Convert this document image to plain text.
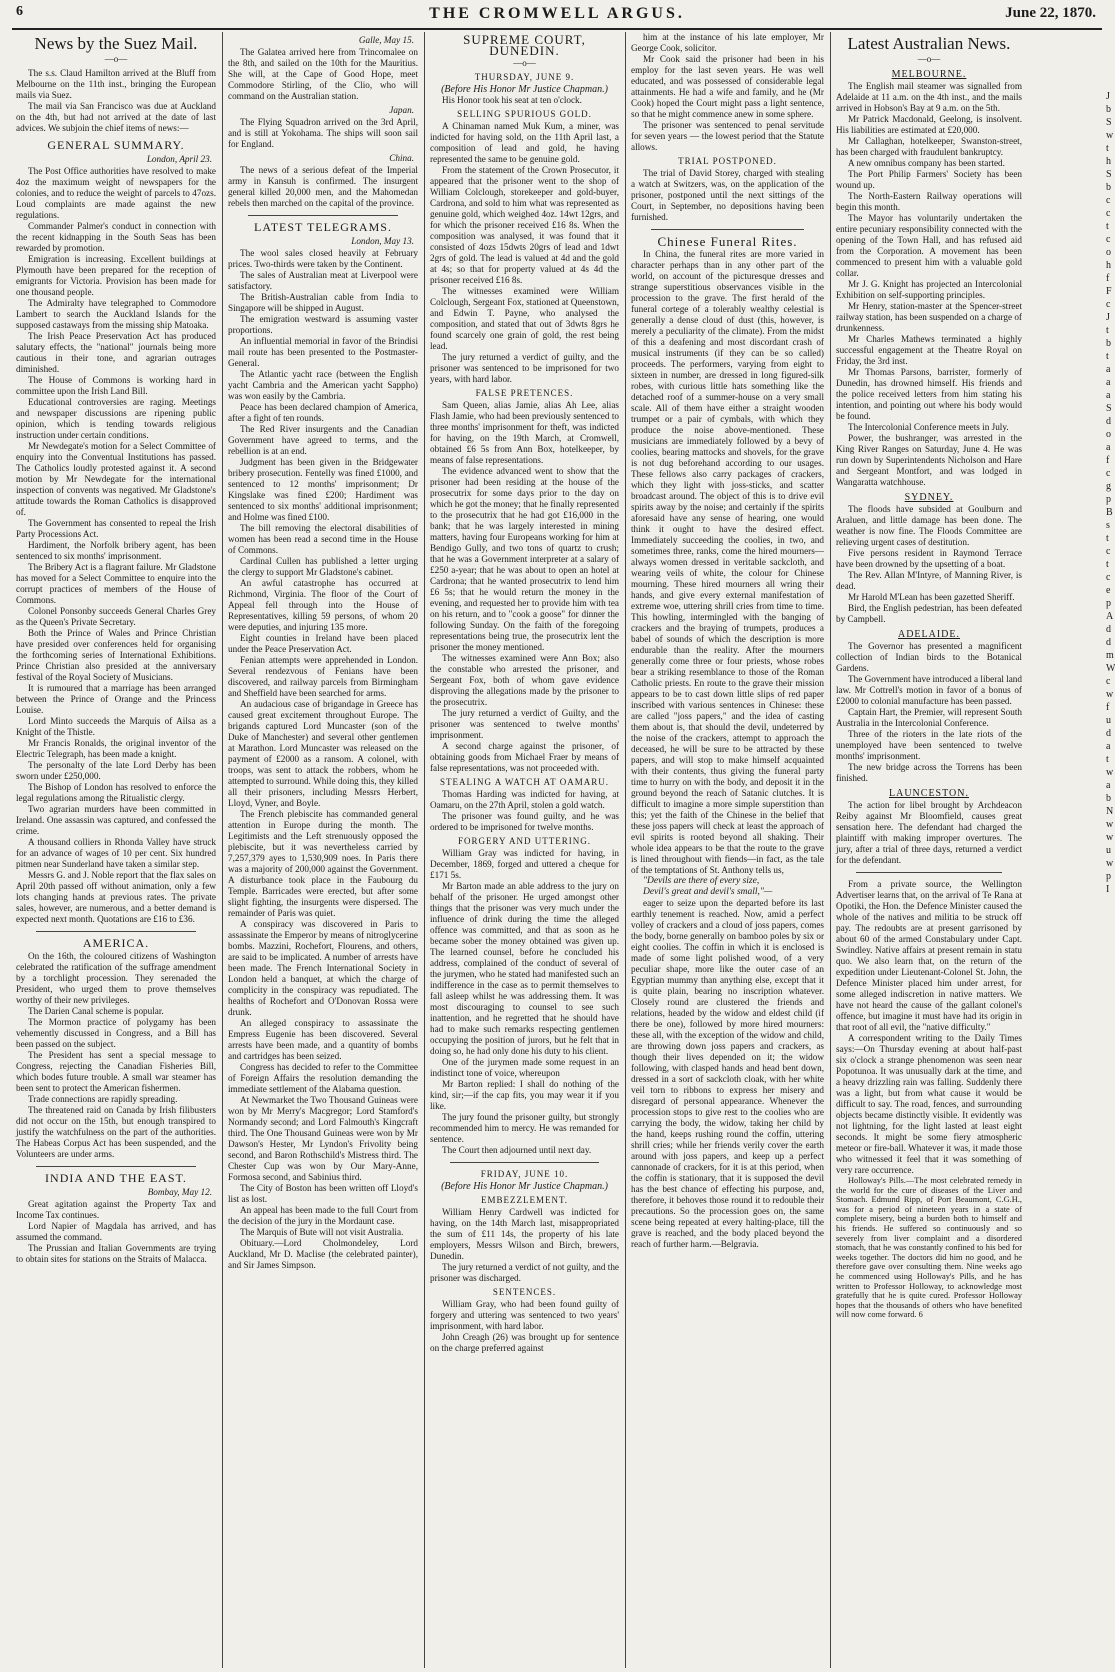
6	THE CROMWELL ARGUS.	June 22, 1870.
News by the Suez Mail.
—o—

The s.s. Claud Hamilton arrived at the Bluff from Melbourne on the 11th inst., bringing the European mails via Suez.

The mail via San Francisco was due at Auckland on the 4th, but had not arrived at the date of last advices. We subjoin the chief items of news:—

GENERAL SUMMARY.
London, April 23.

The Post Office authorities have resolved to make 4oz the maximum weight of newspapers for the colonies, and to reduce the weight of parcels to 47ozs. Loud complaints are made against the new regulations.

Commander Palmer's conduct in connection with the recent kidnapping in the South Seas has been rewarded by promotion.

Emigration is increasing. Excellent buildings at Plymouth have been prepared for the reception of emigrants for Victoria. Provision has been made for one thousand people.

The Admiralty have telegraphed to Commodore Lambert to search the Auckland Islands for the supposed castaways from the missing ship Matoaka.

The Irish Peace Preservation Act has produced salutary effects, the "national" journals being more cautious in their tone, and agrarian outrages diminished.

The House of Commons is working hard in committee upon the Irish Land Bill.

Educational controversies are raging. Meetings and newspaper discussions are ripening public opinion, which is tending towards religious instruction under certain conditions.

Mr Newdegate's motion for a Select Committee of enquiry into the Conventual Institutions has passed. The Catholics loudly protested against it. A second motion by Mr Newdegate for the international inspection of convents was negatived. Mr Gladstone's attitude towards the Roman Catholics is disapproved of.

The Government has consented to repeal the Irish Party Processions Act.

Hardiment, the Norfolk bribery agent, has been sentenced to six months' imprisonment.

The Bribery Act is a flagrant failure. Mr Gladstone has moved for a Select Committee to enquire into the corrupt practices of members of the House of Commons.

Colonel Ponsonby succeeds General Charles Grey as the Queen's Private Secretary.

Both the Prince of Wales and Prince Christian have presided over conferences held for organising the forthcoming series of International Exhibitions. Prince Christian also presided at the anniversary festival of the Royal Society of Musicians.

It is rumoured that a marriage has been arranged between the Prince of Orange and the Princess Louise.

Lord Minto succeeds the Marquis of Ailsa as a Knight of the Thistle.

Mr Francis Ronalds, the original inventor of the Electric Telegraph, has been made a knight.

The personalty of the late Lord Derby has been sworn under £250,000.

The Bishop of London has resolved to enforce the legal regulations among the Ritualistic clergy.

Two agrarian murders have been committed in Ireland. One assassin was captured, and confessed the crime.

A thousand colliers in Rhonda Valley have struck for an advance of wages of 10 per cent. Six hundred pitmen near Sunderland have taken a similar step.

Messrs G. and J. Noble report that the flax sales on April 20th passed off without animation, only a few lots changing hands at previous rates. The private sales, however, are numerous, and a better demand is expected next month. Quotations are £16 to £36.

AMERICA.

On the 16th, the coloured citizens of Washington celebrated the ratification of the suffrage amendment by a torchlight procession. They serenaded the President, who urged them to prove themselves worthy of their new privileges.

The Darien Canal scheme is popular.

The Mormon practice of polygamy has been vehemently discussed in Congress, and a Bill has been passed on the subject.

The President has sent a special message to Congress, rejecting the Canadian Fisheries Bill, which bodes future trouble. A small war steamer has been sent to protect the American fishermen.

Trade connections are rapidly spreading.

The threatened raid on Canada by Irish filibusters did not occur on the 15th, but enough transpired to justify the watchfulness on the part of the authorities. The Habeas Corpus Act has been suspended, and the Volunteers are under arms.

INDIA AND THE EAST.
Bombay, May 12.

Great agitation against the Property Tax and Income Tax continues.

Lord Napier of Magdala has arrived, and has assumed the command.

The Prussian and Italian Governments are trying to obtain sites for stations on the Straits of Malacca.

Galle, May 15.

The Galatea arrived here from Trincomalee on the 8th, and sailed on the 10th for the Mauritius. She will, at the Cape of Good Hope, meet Commodore Stirling, of the Clio, who will command on the Australian station.

Japan.

The Flying Squadron arrived on the 3rd April, and is still at Yokohama. The ships will soon sail for England.

China.

The news of a serious defeat of the Imperial army in Kansuh is confirmed. The insurgent general killed 20,000 men, and the Mahomedan rebels then marched on the capital of the province.

LATEST TELEGRAMS.
London, May 13.

The wool sales closed heavily at February prices. Two-thirds were taken by the Continent.

The sales of Australian meat at Liverpool were satisfactory.

The British-Australian cable from India to Singapore will be shipped in August.

The emigration westward is assuming vaster proportions.

An influential memorial in favor of the Brindisi mail route has been presented to the Postmaster-General.

The Atlantic yacht race (between the English yacht Cambria and the American yacht Sappho) was won easily by the Cambria.

Peace has been declared champion of America, after a fight of ten rounds.

The Red River insurgents and the Canadian Government have agreed to terms, and the rebellion is at an end.

Judgment has been given in the Bridgewater bribery prosecution. Fentelly was fined £1000, and sentenced to 12 months' imprisonment; Dr Kingslake was fined £200; Hardiment was sentenced to six months' additional imprisonment; and Holme was fined £100.

The bill removing the electoral disabilities of women has been read a second time in the House of Commons.

Cardinal Cullen has published a letter urging the clergy to support Mr Gladstone's cabinet.

An awful catastrophe has occurred at Richmond, Virginia. The floor of the Court of Appeal fell through into the House of Representatives, killing 59 persons, of whom 20 were deputies, and injuring 135 more.

Eight counties in Ireland have been placed under the Peace Preservation Act.

Fenian attempts were apprehended in London. Several rendezvous of Fenians have been discovered, and railway parcels from Birmingham and Sheffield have been searched for arms.

An audacious case of brigandage in Greece has caused great excitement throughout Europe. The brigands captured Lord Muncaster (son of the Duke of Manchester) and several other gentlemen at Marathon. Lord Muncaster was released on the payment of £2000 as a ransom. A colonel, with troops, was sent to attack the robbers, whom he attempted to surround. While doing this, they killed all their prisoners, including Messrs Herbert, Lloyd, Vyner, and Boyle.

The French plebiscite has commanded general attention in Europe during the month. The Legitimists and the Left strenuously opposed the plebiscite, but it was nevertheless carried by 7,257,379 ayes to 1,530,909 noes. In Paris there was a majority of 200,000 against the Government. A disturbance took place in the Faubourg du Temple. Barricades were erected, but after some slight fighting, the insurgents were dispersed. The remainder of Paris was quiet.

A conspiracy was discovered in Paris to assassinate the Emperor by means of nitroglycerine bombs. Mazzini, Rochefort, Flourens, and others, are said to be implicated. A number of arrests have been made. The French International Society in London held a banquet, at which the charge of complicity in the conspiracy was repudiated. The healths of Rochefort and O'Donovan Rossa were drunk.

An alleged conspiracy to assassinate the Empress Eugenie has been discovered. Several arrests have been made, and a quantity of bombs and cartridges has been seized.

Congress has decided to refer to the Committee of Foreign Affairs the resolution demanding the immediate settlement of the Alabama question.

At Newmarket the Two Thousand Guineas were won by Mr Merry's Macgregor; Lord Stamford's Normandy second; and Lord Falmouth's Kingcraft third. The One Thousand Guineas were won by Mr Dawson's Hester, Mr Lyndon's Frivolity being second, and Baron Rothschild's Mistress third. The Chester Cup was won by Our Mary-Anne, Formosa second, and Sabinius third.

The City of Boston has been written off Lloyd's list as lost.

An appeal has been made to the full Court from the decision of the jury in the Mordaunt case.

The Marquis of Bute will not visit Australia.

Obituary.—Lord Cholmondeley, Lord Auckland, Mr D. Maclise (the celebrated painter), and Sir James Simpson.

SUPREME COURT, DUNEDIN.
—o—
THURSDAY, JUNE 9.
(Before His Honor Mr Justice Chapman.)

His Honor took his seat at ten o'clock.

SELLING SPURIOUS GOLD.

A Chinaman named Muk Kum, a miner, was indicted for having sold, on the 11th April last, a composition of lead and gold, he having represented the same to be genuine gold.

From the statement of the Crown Prosecutor, it appeared that the prisoner went to the shop of William Colclough, storekeeper and gold-buyer, Cardrona, and sold to him what was represented as genuine gold, which weighed 4oz. 14wt 12grs, and for which the prisoner received £16 8s. When the composition was analysed, it was found that it consisted of 4ozs 15dwts 20grs of lead and 1dwt 2grs of gold. The lead is valued at 4d and the gold at 4s; so that for property valued at 4s 4d the prisoner received £16 8s.

The witnesses examined were William Colclough, Sergeant Fox, stationed at Queenstown, and Edwin T. Payne, who analysed the composition, and stated that out of 3dwts 8grs he found scarcely one grain of gold, the rest being lead.

The jury returned a verdict of guilty, and the prisoner was sentenced to be imprisoned for two years, with hard labor.

FALSE PRETENCES.

Sam Queen, alias Jamie, alias Ah Lee, alias Flash Jamie, who had been previously sentenced to three months' imprisonment for theft, was indicted for having, on the 19th March, at Cromwell, obtained £6 5s from Ann Box, hotelkeeper, by means of false representations.

The evidence advanced went to show that the prisoner had been residing at the house of the prosecutrix for some days prior to the day on which he got the money; that he finally represented to the prosecutrix that he had got £16,000 in the bank; that he was largely interested in mining matters, having four Europeans working for him at Bendigo Gully, and two tons of quartz to crush; that he was a Government interpreter at a salary of £250 a-year; that he was about to open an hotel at Cardrona; that he wanted prosecutrix to lend him £6 5s; that he would return the money in the evening, and requested her to provide him with tea on his return, and to "cook a goose" for dinner the following Sunday. On the faith of the foregoing representations being true, the prosecutrix lent the prisoner the money mentioned.

The witnesses examined were Ann Box; also the constable who arrested the prisoner, and Sergeant Fox, both of whom gave evidence disproving the allegations made by the prisoner to the prosecutrix.

The jury returned a verdict of Guilty, and the prisoner was sentenced to twelve months' imprisonment.

A second charge against the prisoner, of obtaining goods from Michael Fraer by means of false representations, was not proceeded with.

STEALING A WATCH AT OAMARU.

Thomas Harding was indicted for having, at Oamaru, on the 27th April, stolen a gold watch.

The prisoner was found guilty, and he was ordered to be imprisoned for twelve months.

FORGERY AND UTTERING.

William Gray was indicted for having, in December, 1869, forged and uttered a cheque for £171 5s.

Mr Barton made an able address to the jury on behalf of the prisoner. He urged amongst other things that the prisoner was very much under the influence of drink during the time the alleged offence was committed, and that as soon as he became sober the money obtained was given up. The learned counsel, before he concluded his address, complained of the conduct of several of the jurymen, who he stated had manifested such an indifference in the case as to permit themselves to fall asleep whilst he was addressing them. It was most discouraging to counsel to see such inattention, and he regretted that he should have had to make such remarks respecting gentlemen occupying the position of jurors, but he felt that in doing so, he had only done his duty to his client.

One of the jurymen made some request in an indistinct tone of voice, whereupon

Mr Barton replied: I shall do nothing of the kind, sir;—if the cap fits, you may wear it if you like.

The jury found the prisoner guilty, but strongly recommended him to mercy. He was remanded for sentence.

The Court then adjourned until next day.

FRIDAY, JUNE 10.
(Before His Honor Mr Justice Chapman.)
EMBEZZLEMENT.

William Henry Cardwell was indicted for having, on the 14th March last, misappropriated the sum of £11 14s, the property of his late employers, Messrs Wilson and Birch, brewers, Dunedin.

The jury returned a verdict of not guilty, and the prisoner was discharged.

SENTENCES.

William Gray, who had been found guilty of forgery and uttering was sentenced to two years' imprisonment, with hard labor.

John Creagh (26) was brought up for sentence on the charge preferred against

him at the instance of his late employer, Mr George Cook, solicitor.

Mr Cook said the prisoner had been in his employ for the last seven years. He was well educated, and was possessed of considerable legal attainments. He had a wife and family, and he (Mr Cook) hoped the Court might pass a light sentence, so that he might commence anew in some sphere.

The prisoner was sentenced to penal servitude for seven years — the lowest period that the Statute allows.

TRIAL POSTPONED.

The trial of David Storey, charged with stealing a watch at Switzers, was, on the application of the prisoner, postponed until the next sittings of the Court, in September, no depositions having been furnished.

Chinese Funeral Rites.

In China, the funeral rites are more varied in character perhaps than in any other part of the world, on account of the picturesque dresses and strange superstitious observances visible in the procession to the grave. The first herald of the funeral cortege of a tolerably wealthy celestial is generally a dense cloud of dust (this, however, is merely a peculiarity of the climate). From the midst of this a deafening and most discordant crash of musical instruments (if they can be so called) proceeds. The performers, varying from eight to sixteen in number, are dressed in long figured-silk robes, with curious little hats something like the detached roof of a summer-house on a very small scale. All of them have either a straight wooden trumpet or a pair of cymbals, with which they produce the noise above-mentioned. These musicians are immediately followed by a bevy of coolies, bearing mattocks and shovels, for the grave is not dug beforehand according to our usages. These fellows also carry packages of crackers, which they light with joss-sticks, and scatter broadcast around. The object of this is to drive evil spirits away by the noise; and certainly if the spirits aforesaid have any sense of hearing, one would think it ought to have the desired effect. Immediately succeeding the coolies, in two, and sometimes three, ranks, come the hired mourners—always women dressed in veritable sackcloth, and wearing veils of white, the colour for Chinese mourning. These hired mourners all wring their hands, and give every external manifestation of extreme woe, uttering shrill cries from time to time. This howling, intermingled with the banging of crackers and the braying of trumpets, produces a babel of sounds of which the description is more endurable than the reality. After the mourners generally come three or four priests, whose robes bear a striking resemblance to those of the Roman Catholic priests. En route to the grave their mission appears to be to cast down little slips of red paper inscribed with various sentences in Chinese: these are called "joss papers," and the idea of casting them about is, that should the devil, undeterred by the noise of the crackers, attempt to approach the deceased, he will be sure to be attracted by these papers, and will stop to make himself acquainted with their contents, thus giving the funeral party time to hurry on with the body, and deposit it in the ground beyond the reach of Satanic clutches. It is difficult to imagine a more simple superstition than this; yet the faith of the Chinese in the belief that these joss papers will check at least the approach of evil spirits is rooted beyond all shaking. Their whole idea appears to be that the route to the grave is lined throughout with fiends—in fact, as the tale of the temptations of St. Anthony tells us,

"Devils are there of every size,

Devil's great and devil's small,"—

eager to seize upon the departed before its last earthly tenement is reached. Now, amid a perfect volley of crackers and a cloud of joss papers, comes the body, borne generally on bamboo poles by six or eight coolies. The coffin in which it is enclosed is made of some light polished wood, of a very peculiar shape, more like the outer case of an Egyptian mummy than anything else, except that it is quite plain, bearing no inscription whatever. Closely round are clustered the friends and relations, headed by the widow and eldest child (if there be one), followed by more hired mourners: these all, with the exception of the widow and child, are throwing down joss papers and crackers, as though their lives depended on it; the widow following, with clasped hands and head bent down, dressed in a sort of sackcloth cloak, with her white veil torn to ribbons to express her misery and disregard of personal appearance. Whenever the procession stops to give rest to the coolies who are carrying the body, the widow, taking her child by the hand, keeps rushing round the coffin, uttering shrill cries; while her friends verily cover the earth around with joss papers, and keep up a perfect cannonade of crackers, for it is at this period, when the coffin is stationary, that it is supposed the devil has the best chance of effecting his purpose, and, therefore, it behoves those round it to redouble their precautions. So the procession goes on, the same scene being repeated at every halting-place, till the grave is reached, and the body placed beyond the reach of further harm.—Belgravia.

Latest Australian News.
—o—
MELBOURNE.

The English mail steamer was signalled from Adelaide at 11 a.m. on the 4th inst., and the mails arrived in Hobson's Bay at 9 a.m. on the 5th.

Mr Patrick Macdonald, Geelong, is insolvent. His liabilities are estimated at £20,000.

Mr Callaghan, hotelkeeper, Swanston-street, has been charged with fraudulent bankruptcy.

A new omnibus company has been started.

The Port Philip Farmers' Society has been wound up.

The North-Eastern Railway operations will begin this month.

The Mayor has voluntarily undertaken the entire pecuniary responsibility connected with the opening of the Town Hall, and has refused aid from the Corporation. A movement has been commenced to present him with a valuable gold collar.

Mr J. G. Knight has projected an Intercolonial Exhibition on self-supporting principles.

Mr Henry, station-master at the Spencer-street railway station, has been suspended on a charge of drunkenness.

Mr Charles Mathews terminated a highly successful engagement at the Theatre Royal on Friday, the 3rd inst.

Mr Thomas Parsons, barrister, formerly of Dunedin, has drowned himself. His friends and the police received letters from him stating his intention, and pointing out where his body would be found.

The Intercolonial Conference meets in July.

Power, the bushranger, was arrested in the King River Ranges on Saturday, June 4. He was run down by Superintendents Nicholson and Hare and Sergeant Montfort, and was lodged in Wangaratta watchhouse.

SYDNEY.

The floods have subsided at Goulburn and Araluen, and little damage has been done. The weather is now fine. The Floods Committee are relieving urgent cases of destitution.

Five persons resident in Raymond Terrace have been drowned by the upsetting of a boat.

The Rev. Allan M'Intyre, of Manning River, is dead.

Mr Harold M'Lean has been gazetted Sheriff.

Bird, the English pedestrian, has been defeated by Campbell.

ADELAIDE.

The Governor has presented a magnificent collection of Indian birds to the Botanical Gardens.

The Government have introduced a liberal land law. Mr Cottrell's motion in favor of a bonus of £2000 to colonial manufacture has been passed.

Captain Hart, the Premier, will represent South Australia in the Intercolonial Conference.

Three of the rioters in the late riots of the unemployed have been sentenced to twelve months' imprisonment.

The new bridge across the Torrens has been finished.

LAUNCESTON.

The action for libel brought by Archdeacon Reiby against Mr Bloomfield, causes great sensation here. The defendant had charged the plaintiff with making improper overtures. The jury, after a trial of three days, returned a verdict for the defendant.

From a private source, the Wellington Advertiser learns that, on the arrival of Te Rana at Opotiki, the Hon. the Defence Minister caused the whole of the natives and militia to be struck off pay. The redoubts are at present garrisoned by about 60 of the armed Constabulary under Capt. Swindley. Native affairs at present remain in statu quo. We also learn that, on the return of the expedition under Lieutenant-Colonel St. John, the Defence Minister placed him under arrest, for some alleged indiscretion in native matters. We have not heard the cause of the gallant colonel's offence, but imagine it must have had its origin in that root of all evil, the "native difficulty."

A correspondent writing to the Daily Times says:—On Thursday evening at about half-past six o'clock a strange phenomenon was seen near Popotunoa. It was unusually dark at the time, and a heavy drizzling rain was falling. Suddenly there was a light, but from what cause it would be difficult to say. The road, fences, and surrounding objects became distinctly visible. It evidently was not lightning, for the light lasted at least eight seconds. It might be some fiery atmospheric meteor or fire-ball. Whatever it was, it made those who witnessed it feel that it was something of very rare occurrence.

Holloway's Pills.—The most celebrated remedy in the world for the cure of diseases of the Liver and Stomach. Edmund Ripp, of Port Beaumont, C.G.H., was for a period of nineteen years in a state of complete misery, being a burden both to himself and his friends. He suffered so continuously and so severely from liver complaint and a disordered stomach, that he was constantly confined to his bed for weeks together. The doctors did him no good, and he therefore gave over consulting them. Nine weeks ago he commenced using Holloway's Pills, and he has written to Professor Holloway, to acknowledge most gratefully that he is quite cured. Professor Holloway hopes that the thousands of others who have benefited will now come forward. 6

J
b
S
w
t
h
S
b
c
c
t
c
o
h
f
F
c
J
t
b
t
a
a
a
S
d
o
a
f
c
g
p
B
s
t
c
t
c
e
p
A
d
d
m
W
c
w
f
u
d
a
t
w
a
b
N
w
w
u
w
p
I
